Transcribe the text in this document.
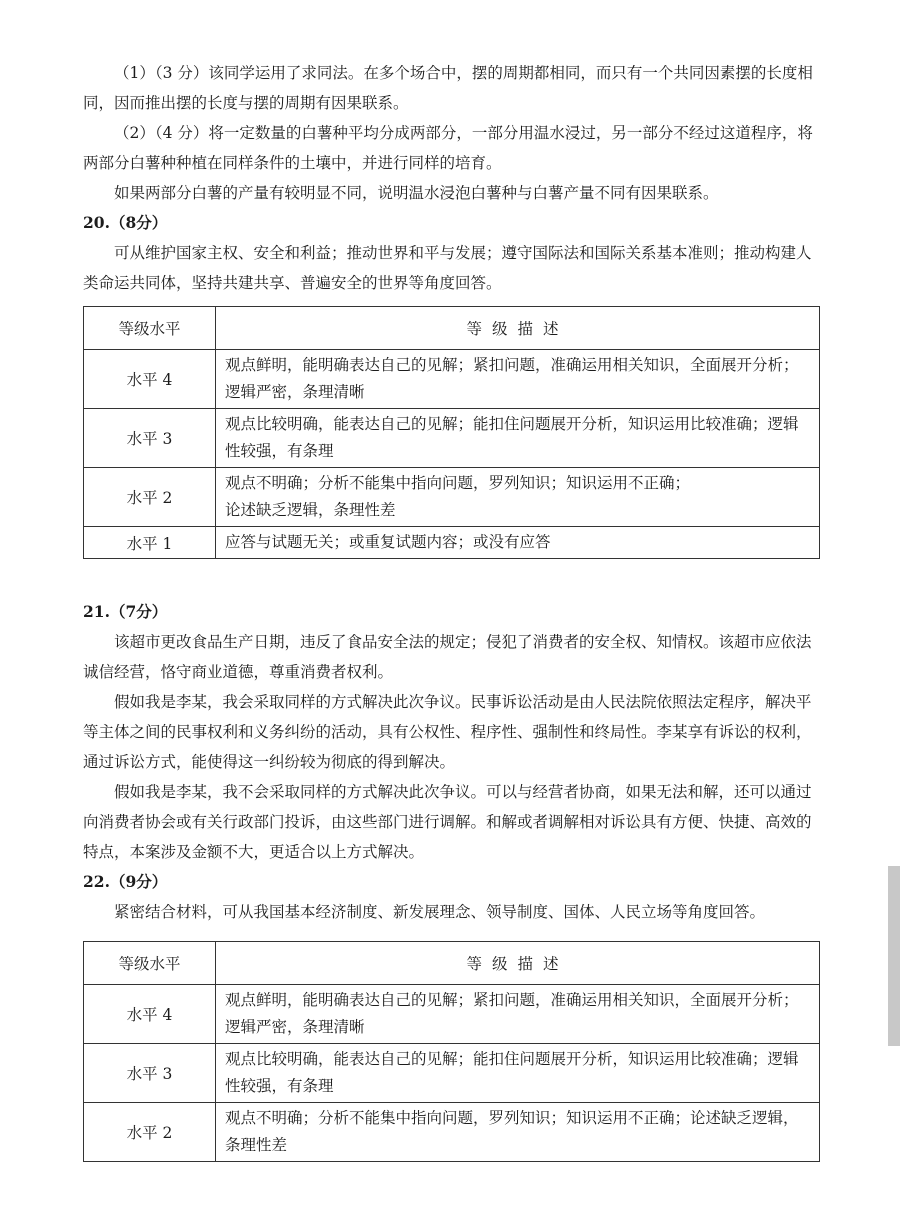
（1）（3 分）该同学运用了求同法。在多个场合中，摆的周期都相同，而只有一个共同因素摆的长度相同，因而推出摆的长度与摆的周期有因果联系。

（2）（4 分）将一定数量的白薯种平均分成两部分，一部分用温水浸过，另一部分不经过这道程序，将两部分白薯种种植在同样条件的土壤中，并进行同样的培育。

如果两部分白薯的产量有较明显不同，说明温水浸泡白薯种与白薯产量不同有因果联系。

20.（8分）

可从维护国家主权、安全和利益；推动世界和平与发展；遵守国际法和国际关系基本准则；推动构建人类命运共同体，坚持共建共享、普遍安全的世界等角度回答。

等级水平	等级描述
水平 4	观点鲜明，能明确表达自己的见解；紧扣问题，准确运用相关知识，全面展开分析；逻辑严密，条理清晰
水平 3	观点比较明确，能表达自己的见解；能扣住问题展开分析，知识运用比较准确；逻辑性较强，有条理
水平 2	观点不明确；分析不能集中指向问题，罗列知识；知识运用不正确；
论述缺乏逻辑，条理性差
水平 1	应答与试题无关；或重复试题内容；或没有应答

21.（7分）

该超市更改食品生产日期，违反了食品安全法的规定；侵犯了消费者的安全权、知情权。该超市应依法诚信经营，恪守商业道德，尊重消费者权利。

假如我是李某，我会采取同样的方式解决此次争议。民事诉讼活动是由人民法院依照法定程序，解决平等主体之间的民事权利和义务纠纷的活动，具有公权性、程序性、强制性和终局性。李某享有诉讼的权利，通过诉讼方式，能使得这一纠纷较为彻底的得到解决。

假如我是李某，我不会采取同样的方式解决此次争议。可以与经营者协商，如果无法和解，还可以通过向消费者协会或有关行政部门投诉，由这些部门进行调解。和解或者调解相对诉讼具有方便、快捷、高效的特点，本案涉及金额不大，更适合以上方式解决。

22.（9分）

紧密结合材料，可从我国基本经济制度、新发展理念、领导制度、国体、人民立场等角度回答。

等级水平	等级描述
水平 4	观点鲜明，能明确表达自己的见解；紧扣问题，准确运用相关知识，全面展开分析；逻辑严密，条理清晰
水平 3	观点比较明确，能表达自己的见解；能扣住问题展开分析，知识运用比较准确；逻辑性较强，有条理
水平 2	观点不明确；分析不能集中指向问题，罗列知识；知识运用不正确；论述缺乏逻辑，条理性差
